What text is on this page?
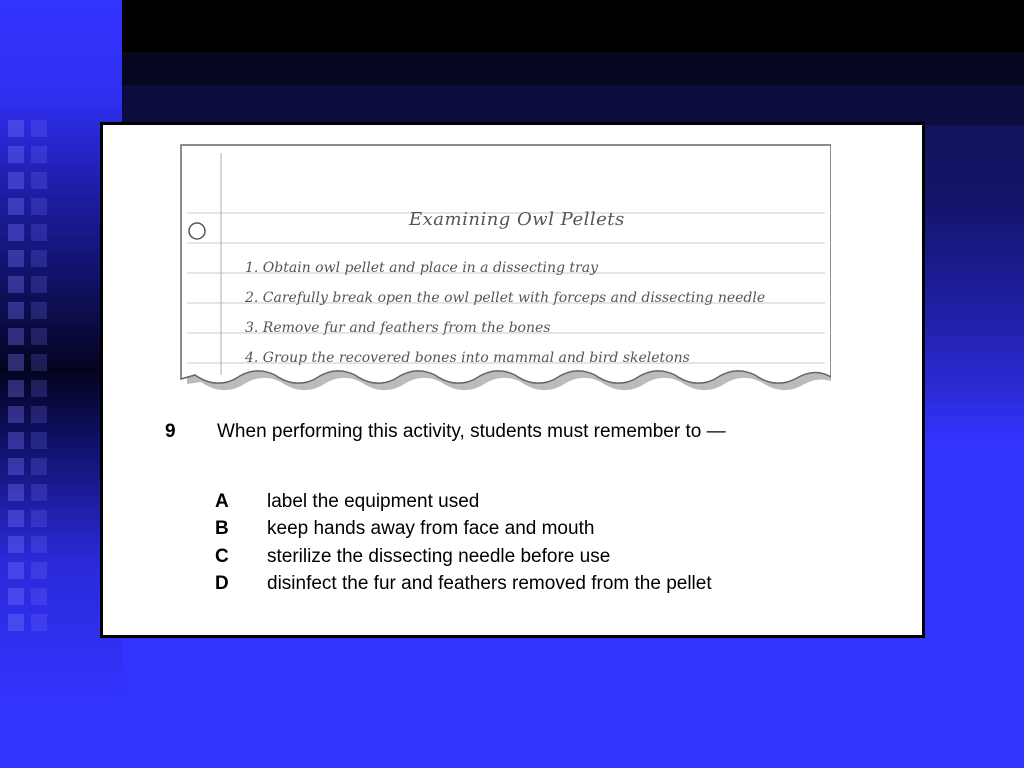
Examining Owl Pellets
1. Obtain owl pellet and place in a dissecting tray
2. Carefully break open the owl pellet with forceps and dissecting needle
3. Remove fur and feathers from the bones
4. Group the recovered bones into mammal and bird skeletons
9 When performing this activity, students must remember to —
A	label the equipment used
B	keep hands away from face and mouth
C	sterilize the dissecting needle before use
D	disinfect the fur and feathers removed from the pellet
